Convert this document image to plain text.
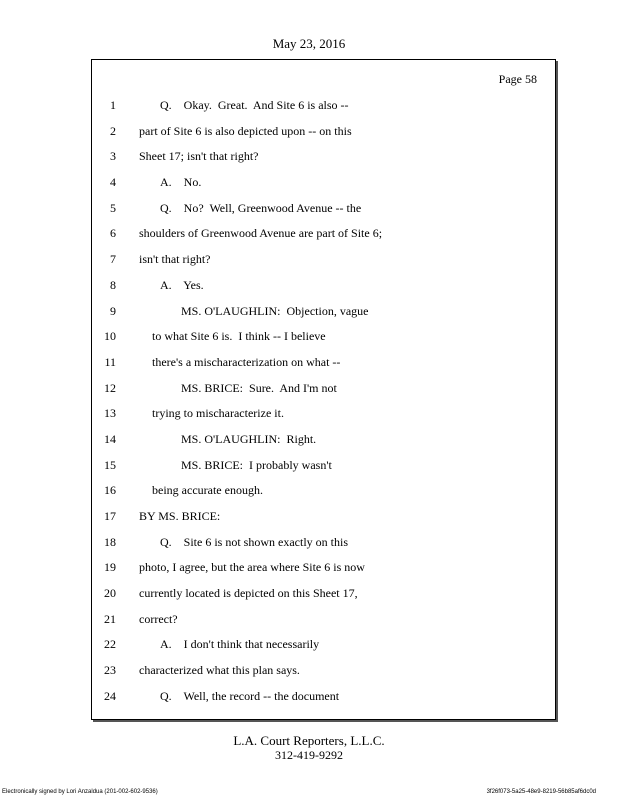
May 23, 2016
Page 58
1	Q.    Okay.  Great.  And Site 6 is also --
2 part of Site 6 is also depicted upon -- on this
3 Sheet 17; isn't that right?
4	A.    No.
5	Q.    No?  Well, Greenwood Avenue -- the
6 shoulders of Greenwood Avenue are part of Site 6;
7 isn't that right?
8	A.    Yes.
9	MS. O'LAUGHLIN:  Objection, vague
10	to what Site 6 is.  I think -- I believe
11	there's a mischaracterization on what --
12	MS. BRICE:  Sure.  And I'm not
13	trying to mischaracterize it.
14	MS. O'LAUGHLIN:  Right.
15	MS. BRICE:  I probably wasn't
16	being accurate enough.
17 BY MS. BRICE:
18	Q.    Site 6 is not shown exactly on this
19 photo, I agree, but the area where Site 6 is now
20 currently located is depicted on this Sheet 17,
21 correct?
22	A.    I don't think that necessarily
23 characterized what this plan says.
24	Q.    Well, the record -- the document
L.A. Court Reporters, L.L.C.
312-419-9292
Electronically signed by Lori Anzaldua (201-002-602-9536)	3f26f073-5a25-48e9-8219-56b85af6dc0d
